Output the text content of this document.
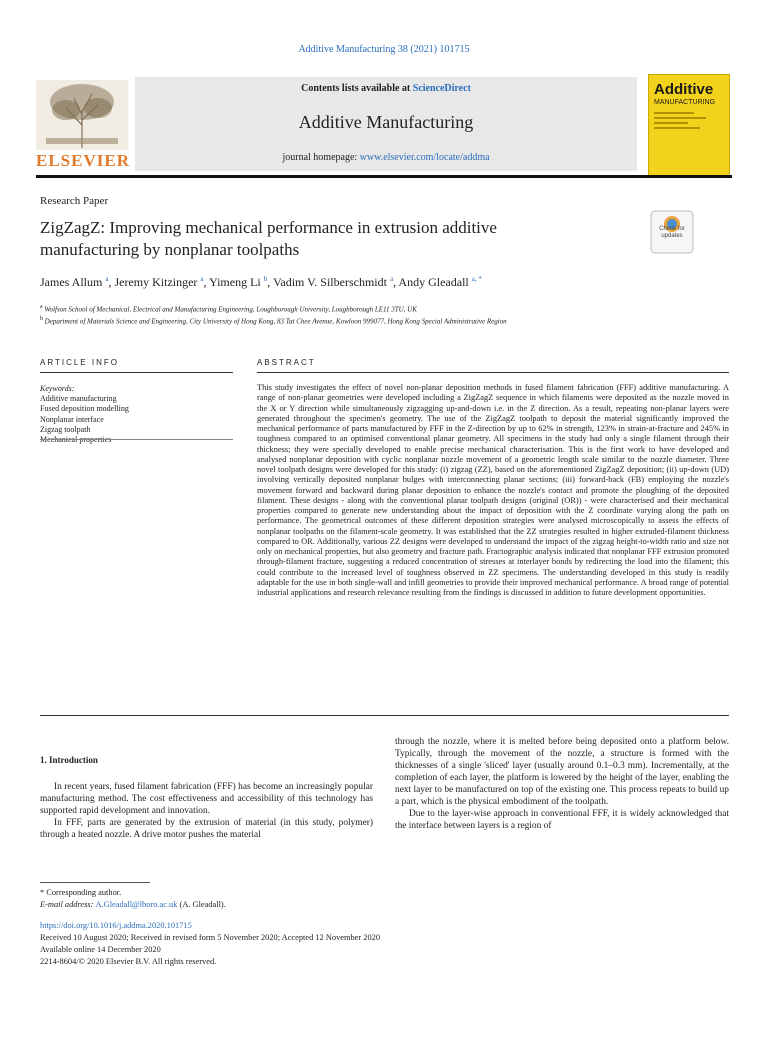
Additive Manufacturing 38 (2021) 101715
ELSEVIER
Contents lists available at ScienceDirect
Additive Manufacturing
journal homepage: www.elsevier.com/locate/addma
Additive
MANUFACTURING
Research Paper
ZigZagZ: Improving mechanical performance in extrusion additive manufacturing by nonplanar toolpaths
Check for updates
James Allum $^a$, Jeremy Kitzinger $^a$, Yimeng Li $^b$, Vadim V. Silberschmidt $^a$, Andy Gleadall $^{a, *}$
$^a$ Wolfson School of Mechanical, Electrical and Manufacturing Engineering, Loughborough University, Loughborough LE11 3TU, UK
$^b$ Department of Materials Science and Engineering, City University of Hong Kong, 83 Tat Chee Avenue, Kowloon 999077, Hong Kong Special Administrative Region
ARTICLE INFO	ABSTRACT
Keywords:
Additive manufacturing
Fused deposition modelling
Nonplanar interface
Zigzag toolpath
This study investigates the effect of novel non-planar deposition methods in fused filament fabrication (FFF) additive manufacturing. A range of non-planar geometries were developed including a ZigZagZ sequence in which filaments were deposited as the nozzle moved in the X or Y direction while simultaneously zigzagging up-and-down i.e. in the Z direction. As a result, repeating non-planar layers were generated throughout the specimen's geometry. The use of the ZigZagZ toolpath to deposit the material significantly improved the mechanical performance of parts manufactured by FFF in the Z-direction by up to 62% in strength, 123% in strain-at-fracture and 245% in toughness compared to an optimised conventional planar geometry. All specimens in the study had only a single filament through their thickness; they were specially developed to enable precise mechanical characterisation. This is the first work to have developed and analysed nonplanar deposition with cyclic nonplanar nozzle movement of a geometric length scale similar to the nozzle diameter. Three novel toolpath designs were developed for this study: (i) zigzag (ZZ), based on the aforementioned ZigZagZ deposition; (ii) up-down (UD) involving vertically deposited nonplanar bulges with interconnecting planar sections; (iii) forward-back (FB) employing the nozzle's movement forward and backward during planar deposition to enhance the nozzle's contact and promote the ploughing of the deposited filament. These designs - along with the conventional planar toolpath designs (original (OR)) - were characterised and their mechanical properties compared to generate new understanding about the impact of deposition with the Z coordinate varying along the path on performance. The geometrical outcomes of these different deposition strategies were analysed microscopically to assess the effects of nonplanar toolpaths on the filament-scale geometry. It was established that the ZZ strategies resulted in higher extruded-filament thickness compared to OR. Additionally, various ZZ designs were developed to understand the impact of the zigzag height-to-width ratio and size not only on mechanical properties, but also geometry and fracture path. Fractographic analysis indicated that nonplanar FFF extrusion promoted through-filament fracture, suggesting a reduced concentration of stresses at interlayer bonds by redirecting the load into the filament; this could contribute to the increased level of toughness observed in ZZ specimens. The understanding developed in this study is readily adaptable for the use in both single-wall and infill geometries to provide their improved mechanical performance. A broad range of potential industrial applications and research relevance resulting from the findings is discussed in addition to future development opportunities.
1. Introduction

In recent years, fused filament fabrication (FFF) has become an increasingly popular manufacturing method. The cost effectiveness and accessibility of this technology has supported rapid development and innovation.

In FFF, parts are generated by the extrusion of material (in this study, polymer) through a heated nozzle. A drive motor pushes the material

through the nozzle, where it is melted before being deposited onto a platform below. Typically, through the movement of the nozzle, a structure is formed with the thicknesses of a single 'sliced' layer (usually around 0.1–0.3 mm). Incrementally, at the completion of each layer, the platform is lowered by the height of the layer, enabling the next layer to be manufactured on top of the existing one. This process repeats to build up a part, which is the physical embodiment of the toolpath.

Due to the layer-wise approach in conventional FFF, it is widely acknowledged that the interface between layers is a region of

* Corresponding author.
E-mail address: A.Gleadall@lboro.ac.uk (A. Gleadall).
https://doi.org/10.1016/j.addma.2020.101715
Received 10 August 2020; Received in revised form 5 November 2020; Accepted 12 November 2020
Available online 14 December 2020
2214-8604/© 2020 Elsevier B.V. All rights reserved.
